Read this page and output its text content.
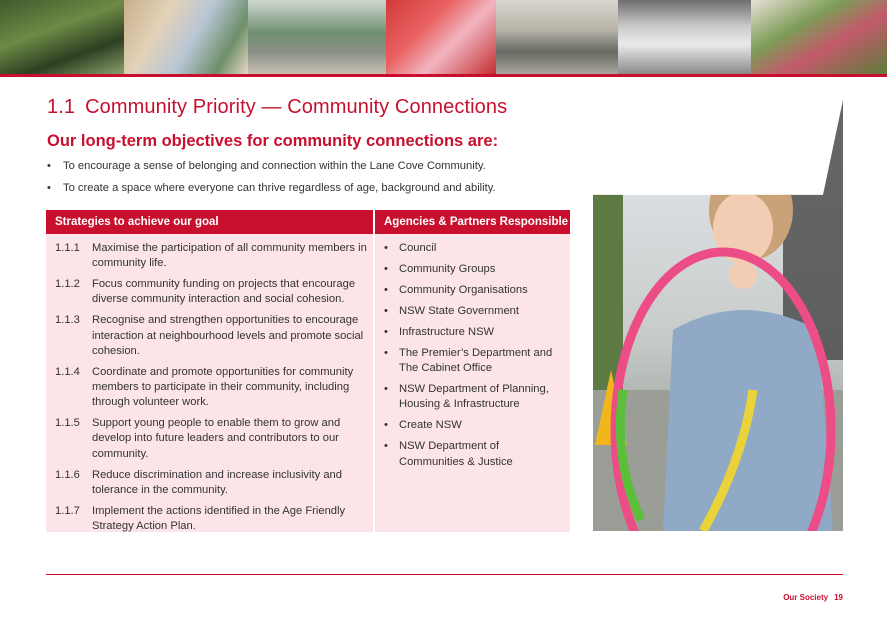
1.1 Community Priority — Community Connections
Our long-term objectives for community connections are:
•	To encourage a sense of belonging and connection within the Lane Cove Community.
•	To create a space where everyone can thrive regardless of age, background and ability.
Strategies to achieve our goal
1.1.1	Maximise the participation of all community members in community life.
1.1.2	Focus community funding on projects that encourage diverse community interaction and social cohesion.
1.1.3	Recognise and strengthen opportunities to encourage interaction at neighbourhood levels and promote social cohesion.
1.1.4	Coordinate and promote opportunities for community members to participate in their community, including through volunteer work.
1.1.5	Support young people to enable them to grow and develop into future leaders and contributors to our community.
1.1.6	Reduce discrimination and increase inclusivity and tolerance in the community.
1.1.7	Implement the actions identified in the Age Friendly Strategy Action Plan.
Agencies & Partners Responsible
• Council
• Community Groups
• Community Organisations
• NSW State Government
• Infrastructure NSW
• The Premier’s Department and The Cabinet Office
• NSW Department of Planning, Housing & Infrastructure
• Create NSW
• NSW Department of Communities & Justice
Our Society 19
